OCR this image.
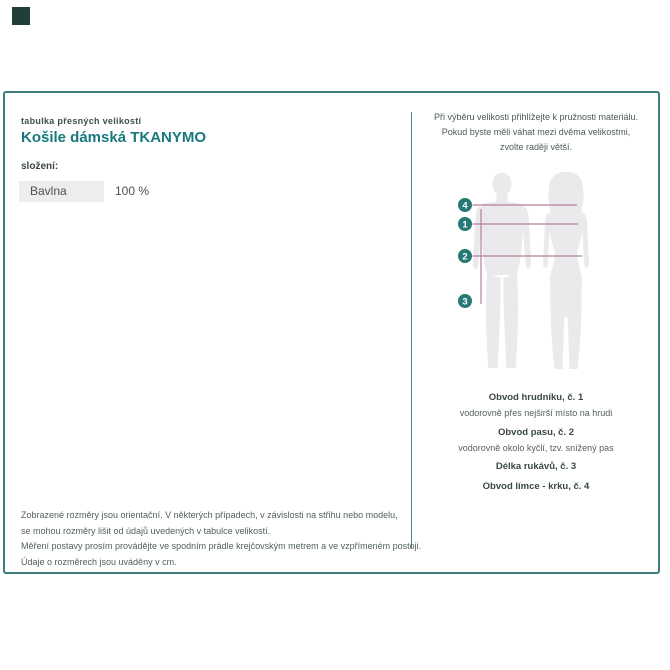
tabulka přesných velikostí
Košile dámská TKANYMO
složení:
Bavlna	100 %
Zobrazené rozměry jsou orientační. V některých případech, v závislosti na střihu nebo modelu,
se mohou rozměry lišit od údajů uvedených v tabulce velikostí.
Měření postavy prosím provádějte ve spodním prádle krejčovským metrem a ve vzpřímeném postoji.
Údaje o rozměrech jsou uváděny v cm.
Při výběru velikosti přihlížejte k pružnosti materiálu.
Pokud byste měli váhat mezi dvěma velikostmi,
zvolte raději větší.
4
1
2
3
Obvod hrudníku, č. 1
vodorovně přes nejširší místo na hrudi
Obvod pasu, č. 2
vodorovně okolo kyčlí, tzv. snížený pas
Délka rukávů, č. 3
Obvod límce - krku, č. 4
